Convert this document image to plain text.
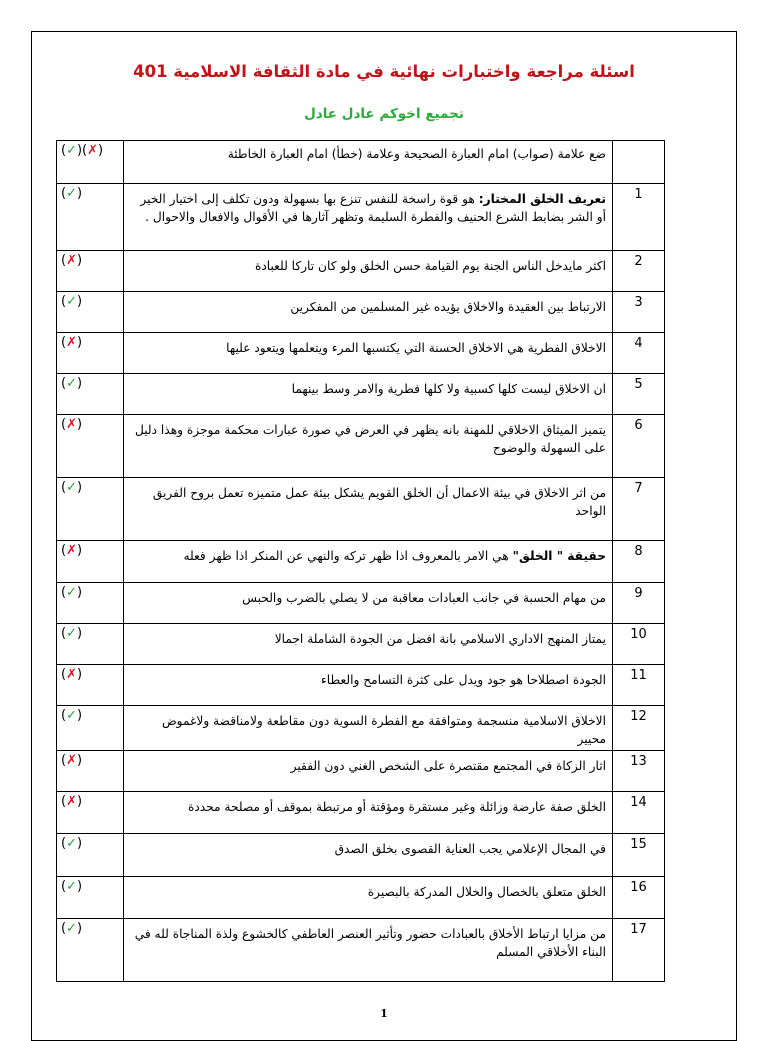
اسئلة مراجعة واختبارات نهائية في مادة الثقافة الاسلامية 401
تجميع اخوكم عادل عادل
(✓)(✗)	ضع علامة (صواب) امام العبارة الصحيحة وعلامة (خطأ) امام العبارة الخاطئة	
(✓)	تعريف الخلق المختار: هو قوة راسخة للنفس تنزع بها بسهولة ودون تكلف إلى اختيار الخير أو الشر بضابط الشرع الحنيف والفطرة السليمة وتظهر آثارها في الأقوال والافعال والاحوال .	1
(✗)	اكثر مايدخل الناس الجنة يوم القيامة حسن الخلق ولو كان تاركا للعبادة	2
(✓)	الارتباط بين العقيدة والاخلاق يؤيده غير المسلمين من المفكرين	3
(✗)	الاخلاق الفطرية هي الاخلاق الحسنة التي يكتسبها المرء ويتعلمها ويتعود عليها	4
(✓)	ان الاخلاق ليست كلها كسبية ولا كلها فطرية والامر وسط بينهما	5
(✗)	يتميز الميثاق الاخلاقي للمهنة بانه يظهر في العرض في صورة عبارات محكمة موجزة وهذا دليل على السهولة والوضوح	6
(✓)	من اثر الاخلاق في بيئة الاعمال أن الخلق القويم يشكل بيئة عمل متميزه تعمل بروح الفريق الواحد	7
(✗)	حقيقة " الخلق" هي الامر بالمعروف اذا ظهر تركه والنهي عن المنكر اذا ظهر فعله	8
(✓)	من مهام الحسبة في جانب العبادات معاقبة من لا يصلي بالضرب والحبس	9
(✓)	يمتاز المنهج الاداري الاسلامي بانة افضل من الجودة الشاملة اجمالا	10
(✗)	الجودة اصطلاحا هو جود ويدل على كثرة التسامح والعطاء	11
(✓)	الاخلاق الاسلامية منسجمة ومتوافقة مع الفطرة السوية دون مقاطعة ولامناقضة ولاغموض محيير	12
(✗)	اثار الزكاة في المجتمع مقتصرة على الشخص الغني دون الفقير	13
(✗)	الخلق صفة عارضة وزائلة وغير مستقرة ومؤقتة أو مرتبطة بموقف أو مصلحة محددة	14
(✓)	في المجال الإعلامي يجب العناية القصوى بخلق الصدق	15
(✓)	الخلق متعلق بالخصال والخلال المدركة بالبصيرة	16
(✓)	من مزايا ارتباط الأخلاق بالعبادات حضور وتأثير العنصر العاطفي كالخشوع ولذة المناجاة لله في البناء الأخلاقي المسلم	17
1
